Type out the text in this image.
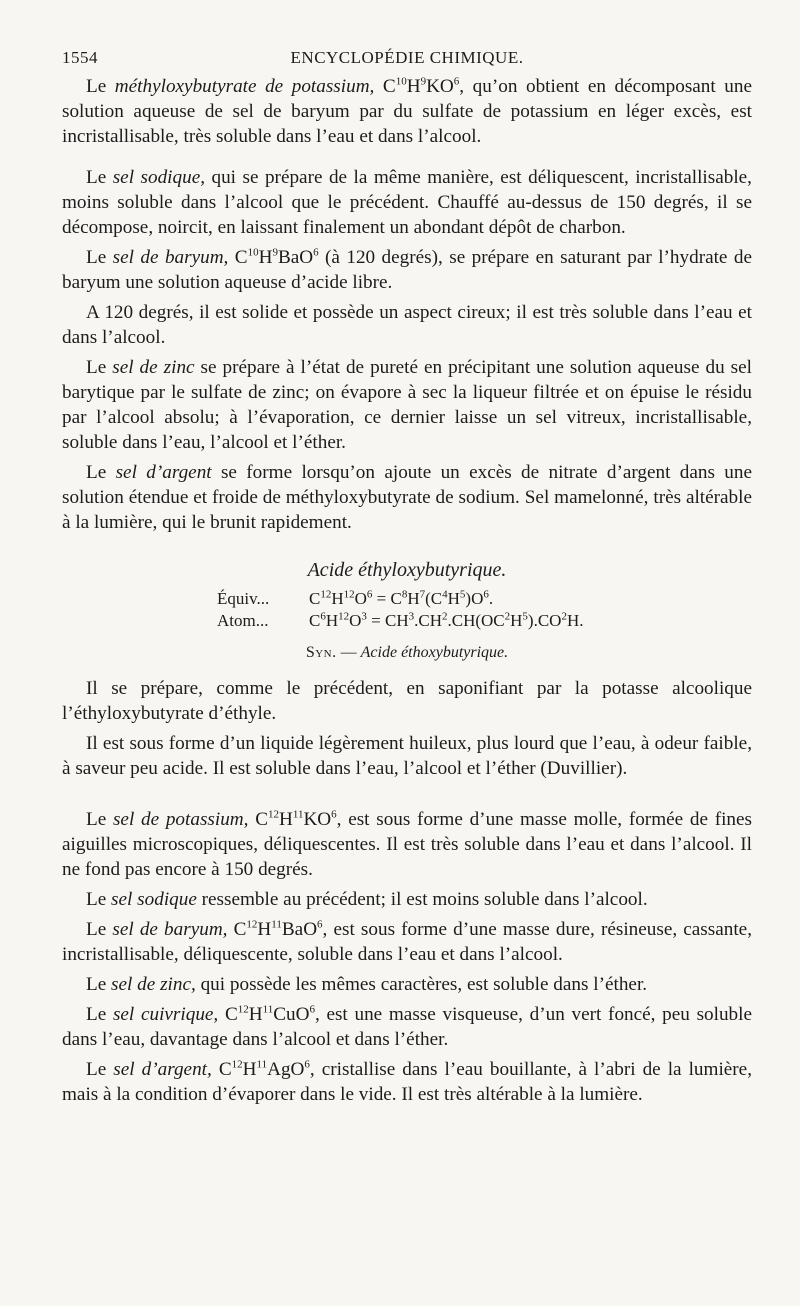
1554	ENCYCLOPÉDIE CHIMIQUE.

Le méthyloxybutyrate de potassium, $C^{10}H^9KO^6$, qu’on obtient en décomposant une solution aqueuse de sel de baryum par du sulfate de potassium en léger excès, est incristallisable, très soluble dans l’eau et dans l’alcool.

Le sel sodique, qui se prépare de la même manière, est déliquescent, incristallisable, moins soluble dans l’alcool que le précédent. Chauffé au-dessus de 150 degrés, il se décompose, noircit, en laissant finalement un abondant dépôt de charbon.

Le sel de baryum, $C^{10}H^9BaO^6$ (à 120 degrés), se prépare en saturant par l’hydrate de baryum une solution aqueuse d’acide libre.

A 120 degrés, il est solide et possède un aspect cireux; il est très soluble dans l’eau et dans l’alcool.

Le sel de zinc se prépare à l’état de pureté en précipitant une solution aqueuse du sel barytique par le sulfate de zinc; on évapore à sec la liqueur filtrée et on épuise le résidu par l’alcool absolu; à l’évaporation, ce dernier laisse un sel vitreux, incristallisable, soluble dans l’eau, l’alcool et l’éther.

Le sel d’argent se forme lorsqu’on ajoute un excès de nitrate d’argent dans une solution étendue et froide de méthyloxybutyrate de sodium. Sel mamelonné, très altérable à la lumière, qui le brunit rapidement.

Acide éthyloxybutyrique.
Équiv... $C^{12}H^{12}O^6 = C^8H^7(C^4H^5)O^6$.
Atom... $C^6H^{12}O^3 = CH^3.CH^2.CH(OC^2H^5).CO^2H$.
Syn. — Acide éthoxybutyrique.

Il se prépare, comme le précédent, en saponifiant par la potasse alcoolique l’éthyloxybutyrate d’éthyle.

Il est sous forme d’un liquide légèrement huileux, plus lourd que l’eau, à odeur faible, à saveur peu acide. Il est soluble dans l’eau, l’alcool et l’éther (Duvillier).

Le sel de potassium, $C^{12}H^{11}KO^6$, est sous forme d’une masse molle, formée de fines aiguilles microscopiques, déliquescentes. Il est très soluble dans l’eau et dans l’alcool. Il ne fond pas encore à 150 degrés.

Le sel sodique ressemble au précédent; il est moins soluble dans l’alcool.

Le sel de baryum, $C^{12}H^{11}BaO^6$, est sous forme d’une masse dure, résineuse, cassante, incristallisable, déliquescente, soluble dans l’eau et dans l’alcool.

Le sel de zinc, qui possède les mêmes caractères, est soluble dans l’éther.

Le sel cuivrique, $C^{12}H^{11}CuO^6$, est une masse visqueuse, d’un vert foncé, peu soluble dans l’eau, davantage dans l’alcool et dans l’éther.

Le sel d’argent, $C^{12}H^{11}AgO^6$, cristallise dans l’eau bouillante, à l’abri de la lumière, mais à la condition d’évaporer dans le vide. Il est très altérable à la lumière.
